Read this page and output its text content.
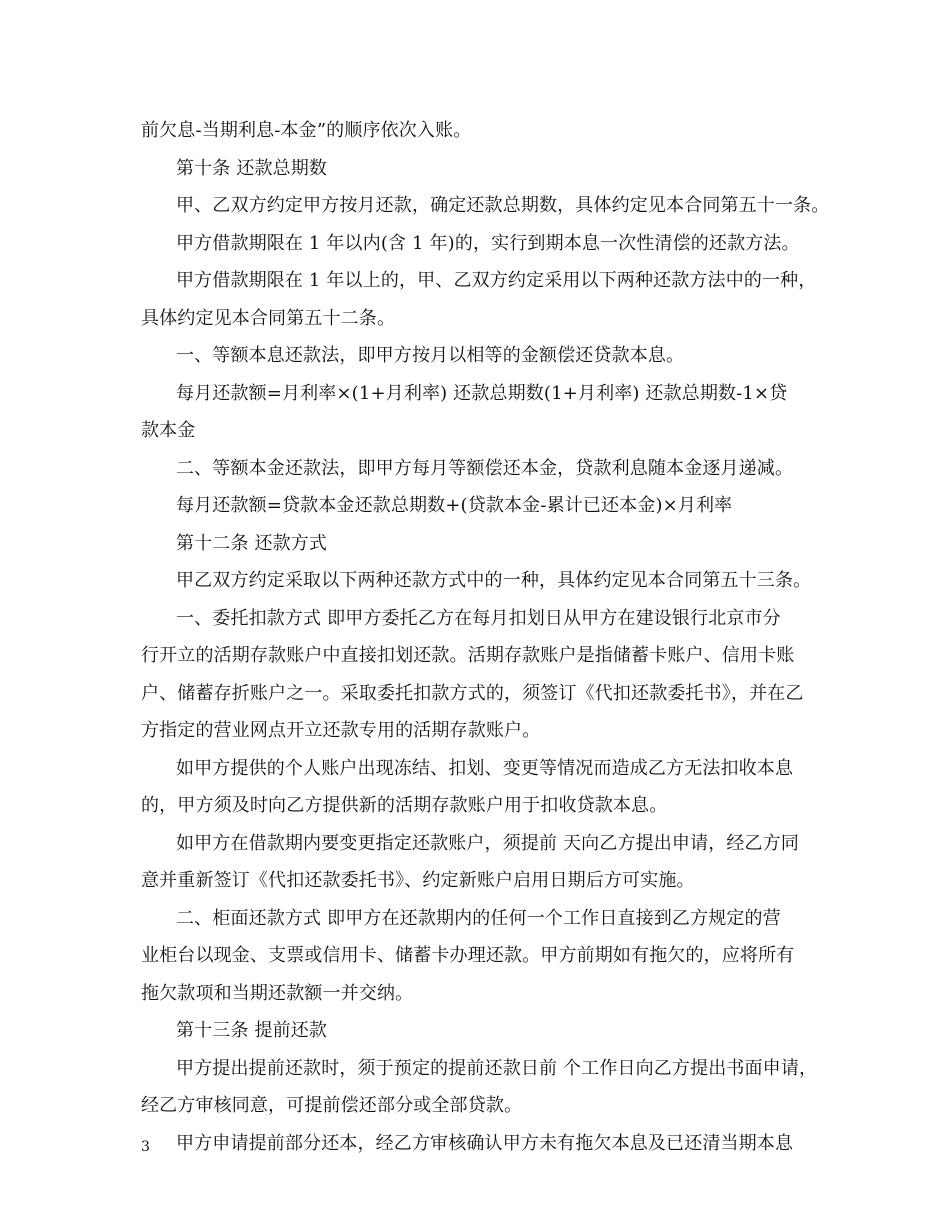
前欠息-当期利息-本金”的顺序依次入账。
第十条 还款总期数
甲、乙双方约定甲方按月还款，确定还款总期数，具体约定见本合同第五十一条。
甲方借款期限在 1 年以内(含 1 年)的，实行到期本息一次性清偿的还款方法。
甲方借款期限在 1 年以上的，甲、乙双方约定采用以下两种还款方法中的一种，
具体约定见本合同第五十二条。
一、等额本息还款法，即甲方按月以相等的金额偿还贷款本息。
每月还款额=月利率×(1+月利率) 还款总期数(1+月利率) 还款总期数-1×贷
款本金
二、等额本金还款法，即甲方每月等额偿还本金，贷款利息随本金逐月递减。
每月还款额=贷款本金还款总期数+(贷款本金-累计已还本金)×月利率
第十二条 还款方式
甲乙双方约定采取以下两种还款方式中的一种，具体约定见本合同第五十三条。
一、委托扣款方式 即甲方委托乙方在每月扣划日从甲方在建设银行北京市分
行开立的活期存款账户中直接扣划还款。活期存款账户是指储蓄卡账户、信用卡账
户、储蓄存折账户之一。采取委托扣款方式的，须签订《代扣还款委托书》，并在乙
方指定的营业网点开立还款专用的活期存款账户。
如甲方提供的个人账户出现冻结、扣划、变更等情况而造成乙方无法扣收本息
的，甲方须及时向乙方提供新的活期存款账户用于扣收贷款本息。
如甲方在借款期内要变更指定还款账户，须提前 天向乙方提出申请，经乙方同
意并重新签订《代扣还款委托书》、约定新账户启用日期后方可实施。
二、柜面还款方式 即甲方在还款期内的任何一个工作日直接到乙方规定的营
业柜台以现金、支票或信用卡、储蓄卡办理还款。甲方前期如有拖欠的，应将所有
拖欠款项和当期还款额一并交纳。
第十三条 提前还款
甲方提出提前还款时，须于预定的提前还款日前 个工作日向乙方提出书面申请，
经乙方审核同意，可提前偿还部分或全部贷款。
甲方申请提前部分还本，经乙方审核确认甲方未有拖欠本息及已还清当期本息
3
